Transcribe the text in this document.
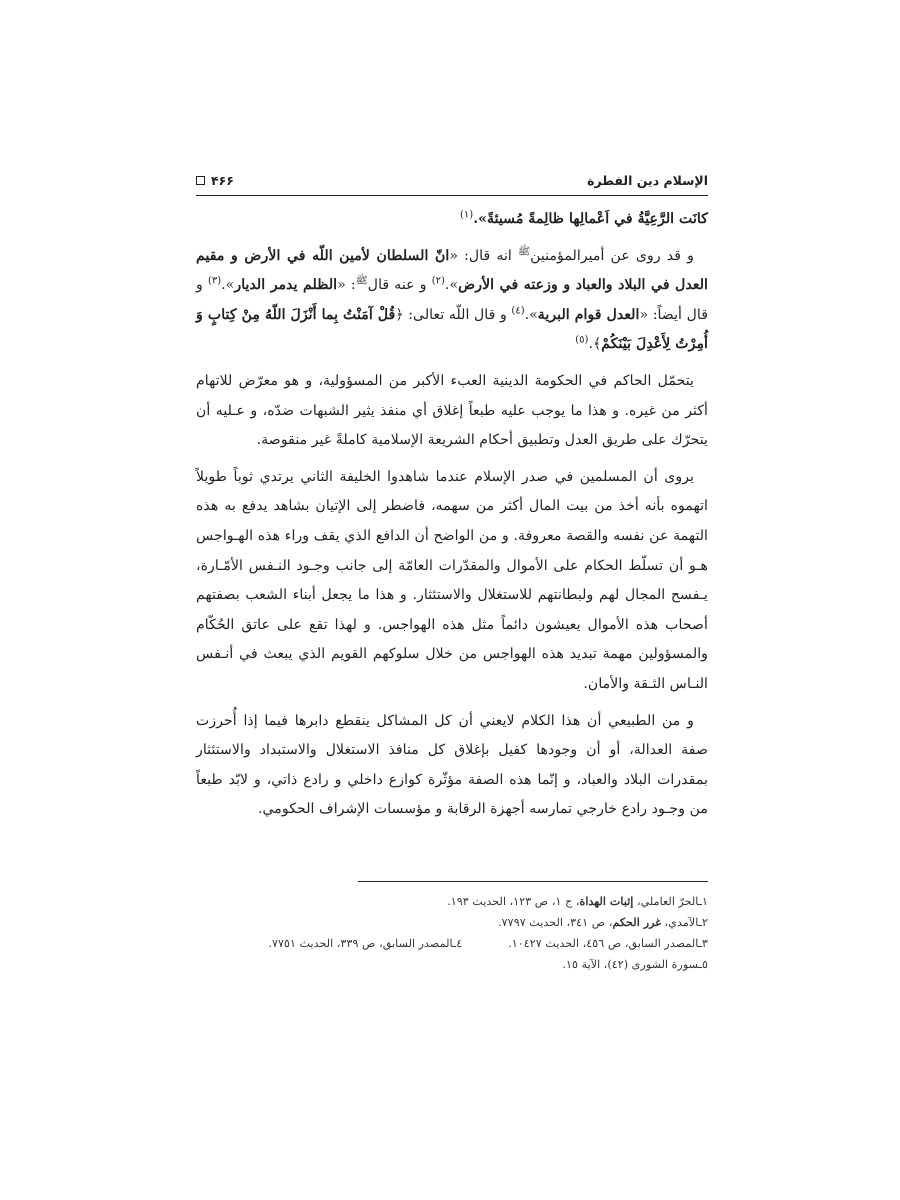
۴۶۶	الإسلام دين الفطرة

كانَت الرَّعِيَّةُ في اَعْمالِها ظالِمةً مُسيئةً».$^{(١)}$

و قد روى عن أميرالمؤمنين$^ﷺ$ انه قال: «انّ السلطان لأمين اللّه في الأرض و مقيم العدل في البلاد والعباد و وزعته في الأرض».$^{(٢)}$ و عنه قال$^ﷺ$: «الظلم يدمر الديار».$^{(٣)}$ و قال أيضاً: «العدل قوام البرية».$^{(٤)}$ و قال اللّه تعالى: ﴿قُلْ آمَنْتُ بِما أَنْزَلَ اللّهُ مِنْ كِتابٍ وَ أُمِرْتُ لِأَعْدِلَ بَيْنَكُمْ﴾.$^{(٥)}$

يتحمّل الحاكم في الحكومة الدينية العبء الأكبر من المسؤولية، و هو معرّض للاتهام أكثر من غيره. و هذا ما يوجب عليه طبعاً إغلاق أي منفذ يثير الشبهات ضدّه، و عـليه أن يتحرّك على طريق العدل وتطبيق أحكام الشريعة الإسلامية كاملةً غير منقوصة.

يروى أن المسلمين في صدر الإسلام عندما شاهدوا الخليفة الثاني يرتدي ثوباً طويلاً اتهموه بأنه أخذ من بيت المال أكثر من سهمه، فاضطر إلى الإتيان بشاهد يدفع به هذه التهمة عن نفسه والقصة معروفة. و من الواضح أن الدافع الذي يقف وراء هذه الهـواجس هـو أن تسلّط الحكام على الأموال والمقدّرات العامّة إلى جانب وجـود النـفس الأمّـارة، يـفسح المجال لهم ولبطانتهم للاستغلال والاستئثار. و هذا ما يجعل أبناء الشعب بصفتهم أصحاب هذه الأموال يعيشون دائماً مثل هذه الهواجس. و لهذا تقع على عاتق الحُكّام والمسؤولين مهمة تبديد هذه الهواجس من خلال سلوكهم القويم الذي يبعث في أنـفس النـاس الثـقة والأمان.

و من الطبيعي أن هذا الكلام لايعني أن كل المشاكل ينقطع دابرها فيما إذا أُحرزت صفة العدالة، أو أن وجودها كفيل بإغلاق كل منافذ الاستغلال والاستبداد والاستئثار بمقدرات البلاد والعباد، و إنّما هذه الصفة مؤثّرة كوازع داخلي و رادع ذاتي، و لابّد طبعاً من وجـود رادع خارجي تمارسه أجهزة الرقابة و مؤسسات الإشراف الحكومي.

١ـالحرّ العاملي، إثبات الهداة، ج ١، ص ١٢٣، الحديث ١٩٣.
٢ـالآمدي، غرر الحكم، ص ٣٤١، الحديث ٧٧٩٧.
٣ـالمصدر السابق، ص ٤٥٦، الحديث ١٠٤٢٧.٤ـالمصدر السابق، ص ٣٣٩، الحديث ٧٧٥١.
٥ـسورة الشورى (٤٢)، الآية ١٥.
